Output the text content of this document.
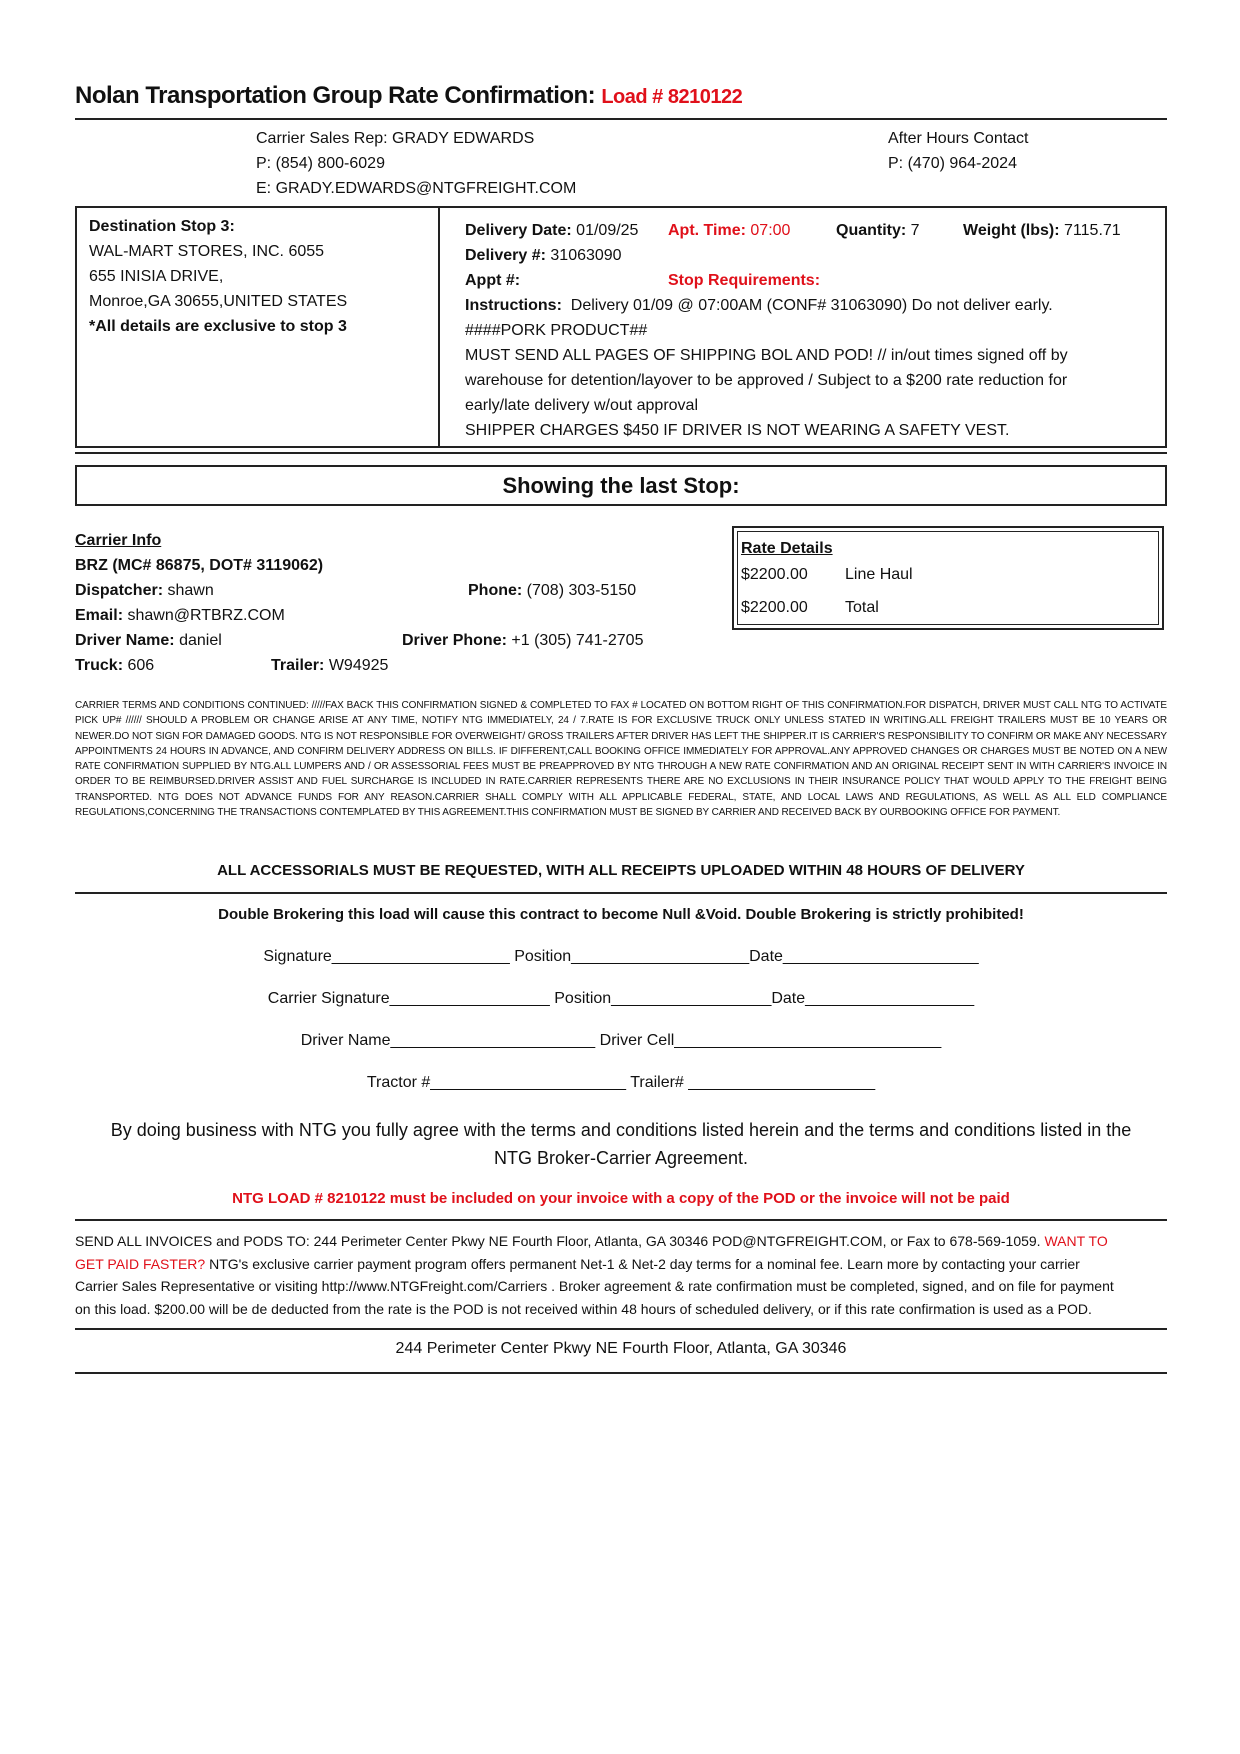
Nolan Transportation Group Rate Confirmation: Load # 8210122
Carrier Sales Rep: GRADY EDWARDS
P: (854) 800-6029
E: GRADY.EDWARDS@NTGFREIGHT.COM
After Hours Contact
P: (470) 964-2024
Destination Stop 3:
WAL-MART STORES, INC. 6055
655 INISIA DRIVE,
Monroe,GA 30655,UNITED STATES
*All details are exclusive to stop 3
Delivery Date: 01/09/25 Apt. Time: 07:00	Quantity: 7	Weight (lbs): 7115.71
Delivery #: 31063090
Appt #:	Stop Requirements:
Instructions: Delivery 01/09 @ 07:00AM (CONF# 31063090) Do not deliver early.
####PORK PRODUCT##
MUST SEND ALL PAGES OF SHIPPING BOL AND POD! // in/out times signed off by
warehouse for detention/layover to be approved / Subject to a $200 rate reduction for
early/late delivery w/out approval
SHIPPER CHARGES $450 IF DRIVER IS NOT WEARING A SAFETY VEST.
Showing the last Stop:
Carrier Info
BRZ (MC# 86875, DOT# 3119062)
Dispatcher: shawn	Phone: (708) 303-5150
Email: shawn@RTBRZ.COM
Driver Name: daniel	Driver Phone: +1 (305) 741-2705
Truck: 606	Trailer: W94925
Rate Details
$2200.00 Line Haul
$2200.00 Total
CARRIER TERMS AND CONDITIONS CONTINUED: /////FAX BACK THIS CONFIRMATION SIGNED & COMPLETED TO FAX # LOCATED ON BOTTOM RIGHT OF THIS CONFIRMATION.FOR DISPATCH, DRIVER MUST CALL NTG TO ACTIVATE PICK UP# ////// SHOULD A PROBLEM OR CHANGE ARISE AT ANY TIME, NOTIFY NTG IMMEDIATELY, 24 / 7.RATE IS FOR EXCLUSIVE TRUCK ONLY UNLESS STATED IN WRITING.ALL FREIGHT TRAILERS MUST BE 10 YEARS OR NEWER.DO NOT SIGN FOR DAMAGED GOODS. NTG IS NOT RESPONSIBLE FOR OVERWEIGHT/ GROSS TRAILERS AFTER DRIVER HAS LEFT THE SHIPPER.IT IS CARRIER'S RESPONSIBILITY TO CONFIRM OR MAKE ANY NECESSARY APPOINTMENTS 24 HOURS IN ADVANCE, AND CONFIRM DELIVERY ADDRESS ON BILLS. IF DIFFERENT,CALL BOOKING OFFICE IMMEDIATELY FOR APPROVAL.ANY APPROVED CHANGES OR CHARGES MUST BE NOTED ON A NEW RATE CONFIRMATION SUPPLIED BY NTG.ALL LUMPERS AND / OR ASSESSORIAL FEES MUST BE PREAPPROVED BY NTG THROUGH A NEW RATE CONFIRMATION AND AN ORIGINAL RECEIPT SENT IN WITH CARRIER'S INVOICE IN ORDER TO BE REIMBURSED.DRIVER ASSIST AND FUEL SURCHARGE IS INCLUDED IN RATE.CARRIER REPRESENTS THERE ARE NO EXCLUSIONS IN THEIR INSURANCE POLICY THAT WOULD APPLY TO THE FREIGHT BEING TRANSPORTED. NTG DOES NOT ADVANCE FUNDS FOR ANY REASON.CARRIER SHALL COMPLY WITH ALL APPLICABLE FEDERAL, STATE, AND LOCAL LAWS AND REGULATIONS, AS WELL AS ALL ELD COMPLIANCE REGULATIONS,CONCERNING THE TRANSACTIONS CONTEMPLATED BY THIS AGREEMENT.THIS CONFIRMATION MUST BE SIGNED BY CARRIER AND RECEIVED BACK BY OURBOOKING OFFICE FOR PAYMENT.
ALL ACCESSORIALS MUST BE REQUESTED, WITH ALL RECEIPTS UPLOADED WITHIN 48 HOURS OF DELIVERY
Double Brokering this load will cause this contract to become Null &Void. Double Brokering is strictly prohibited!
Signature____________________ Position____________________Date______________________
Carrier Signature__________________ Position__________________Date___________________
Driver Name_______________________ Driver Cell______________________________
Tractor #______________________ Trailer# _____________________
By doing business with NTG you fully agree with the terms and conditions listed herein and the terms and conditions listed in the
NTG Broker-Carrier Agreement.
NTG LOAD # 8210122 must be included on your invoice with a copy of the POD or the invoice will not be paid
SEND ALL INVOICES and PODS TO: 244 Perimeter Center Pkwy NE Fourth Floor, Atlanta, GA 30346 POD@NTGFREIGHT.COM, or Fax to 678-569-1059. WANT TO
GET PAID FASTER? NTG's exclusive carrier payment program offers permanent Net-1 & Net-2 day terms for a nominal fee. Learn more by contacting your carrier
Carrier Sales Representative or visiting http://www.NTGFreight.com/Carriers . Broker agreement & rate confirmation must be completed, signed, and on file for payment
on this load. $200.00 will be de deducted from the rate is the POD is not received within 48 hours of scheduled delivery, or if this rate confirmation is used as a POD.
244 Perimeter Center Pkwy NE Fourth Floor, Atlanta, GA 30346
